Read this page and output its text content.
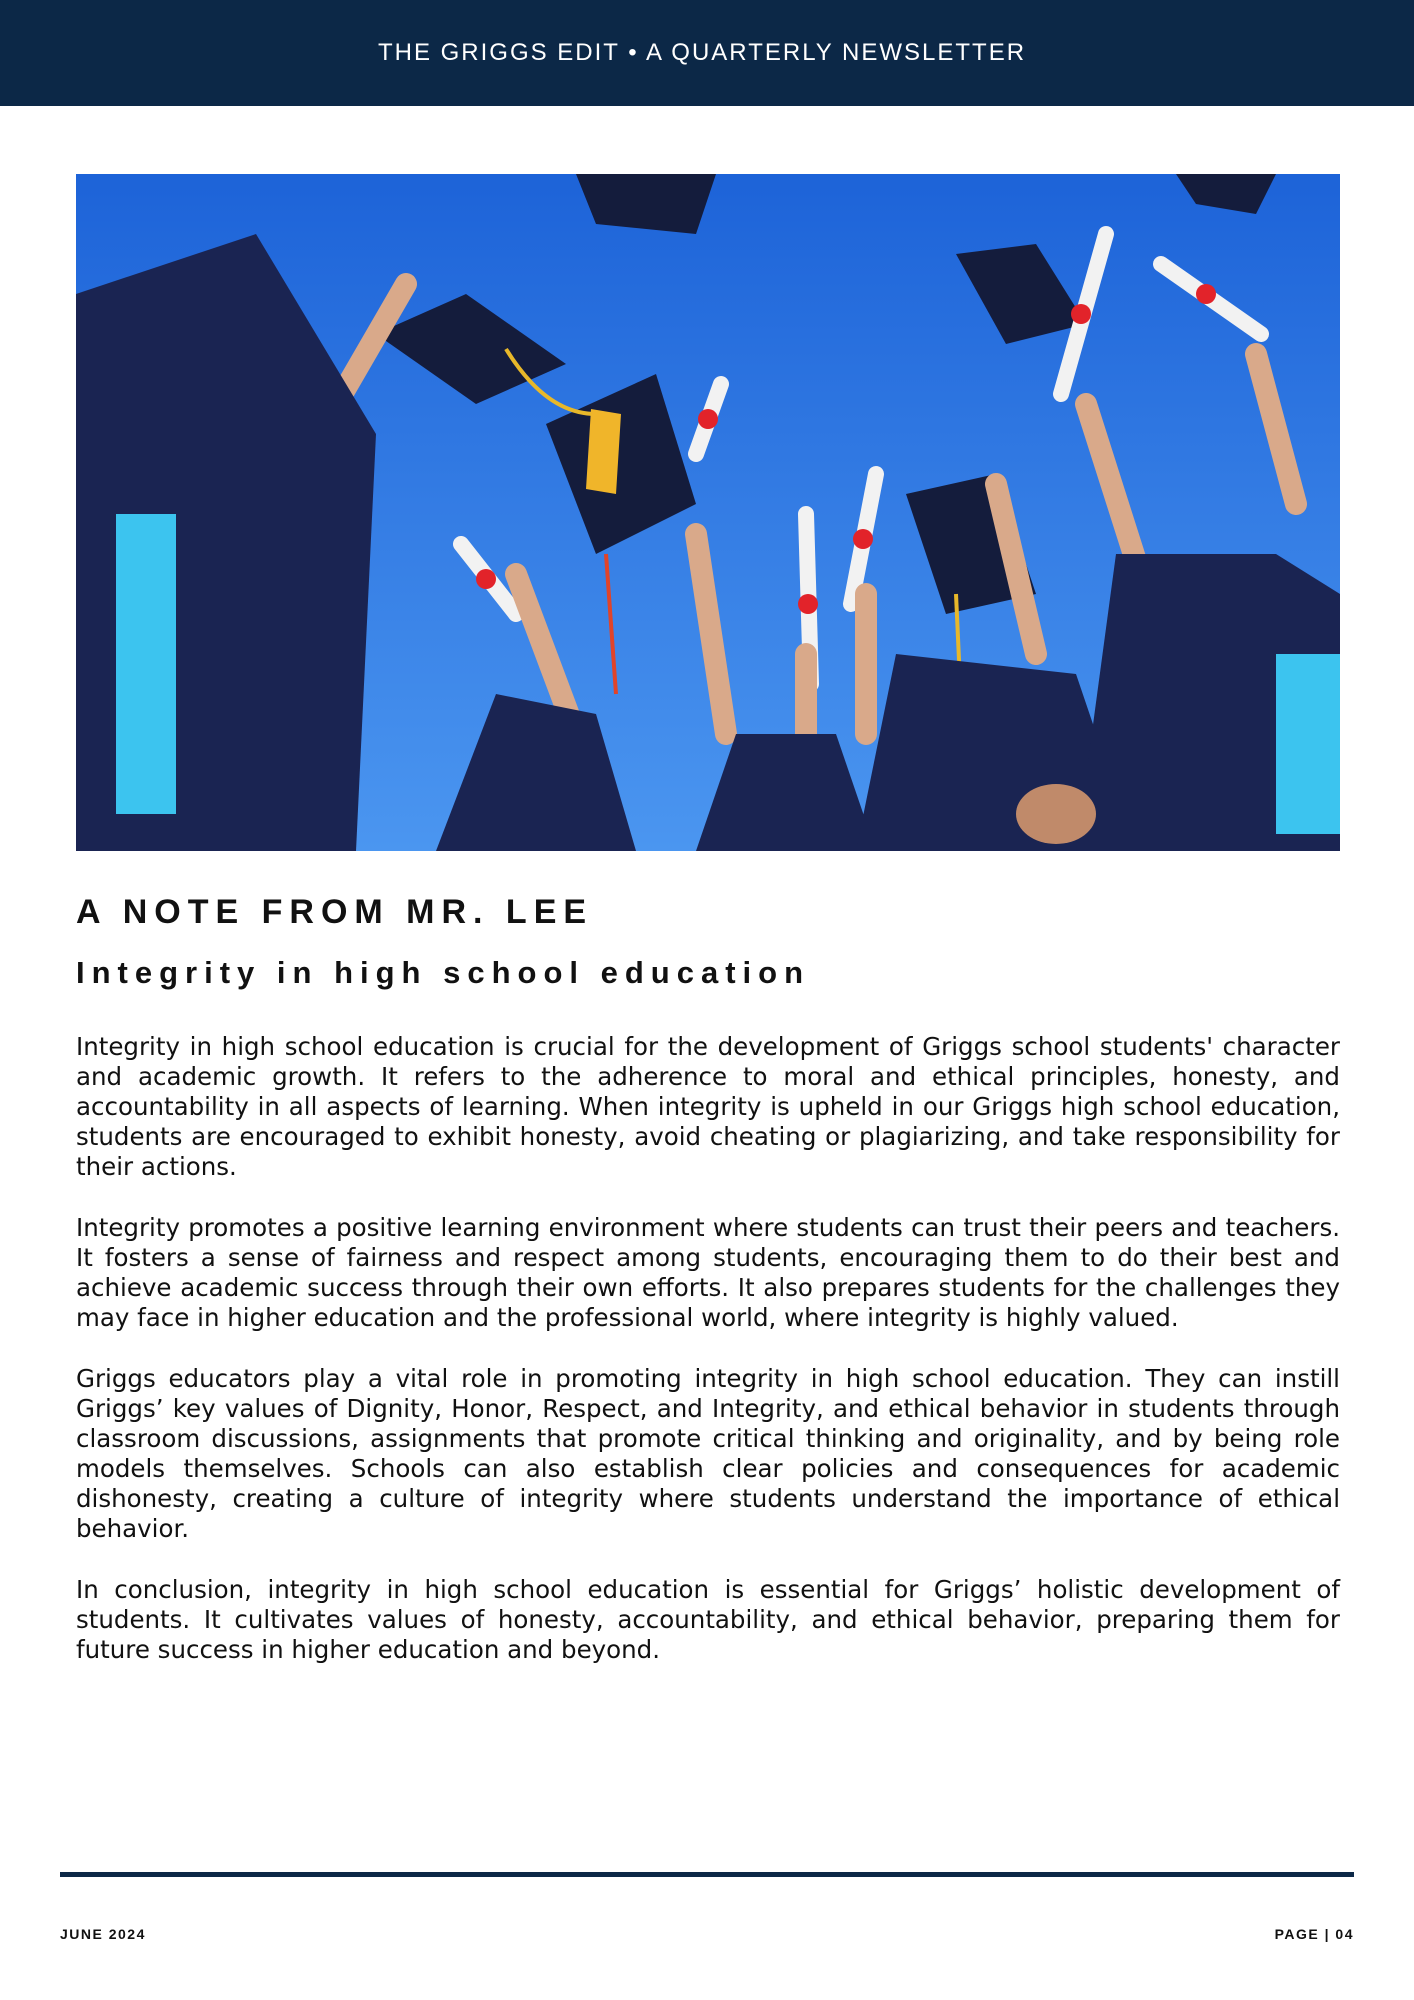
THE GRIGGS EDIT • A QUARTERLY NEWSLETTER
A NOTE FROM MR. LEE
Integrity in high school education

Integrity in high school education is crucial for the development of Griggs school students' character and academic growth. It refers to the adherence to moral and ethical principles, honesty, and accountability in all aspects of learning. When integrity is upheld in our Griggs high school education, students are encouraged to exhibit honesty, avoid cheating or plagiarizing, and take responsibility for their actions.

Integrity promotes a positive learning environment where students can trust their peers and teachers. It fosters a sense of fairness and respect among students, encouraging them to do their best and achieve academic success through their own efforts. It also prepares students for the challenges they may face in higher education and the professional world, where integrity is highly valued.

Griggs educators play a vital role in promoting integrity in high school education. They can instill Griggs’ key values of Dignity, Honor, Respect, and Integrity, and ethical behavior in students through classroom discussions, assignments that promote critical thinking and originality, and by being role models themselves. Schools can also establish clear policies and consequences for academic dishonesty, creating a culture of integrity where students understand the importance of ethical behavior.

In conclusion, integrity in high school education is essential for Griggs’ holistic development of students. It cultivates values of honesty, accountability, and ethical behavior, preparing them for future success in higher education and beyond.

JUNE 2024	PAGE | 04
